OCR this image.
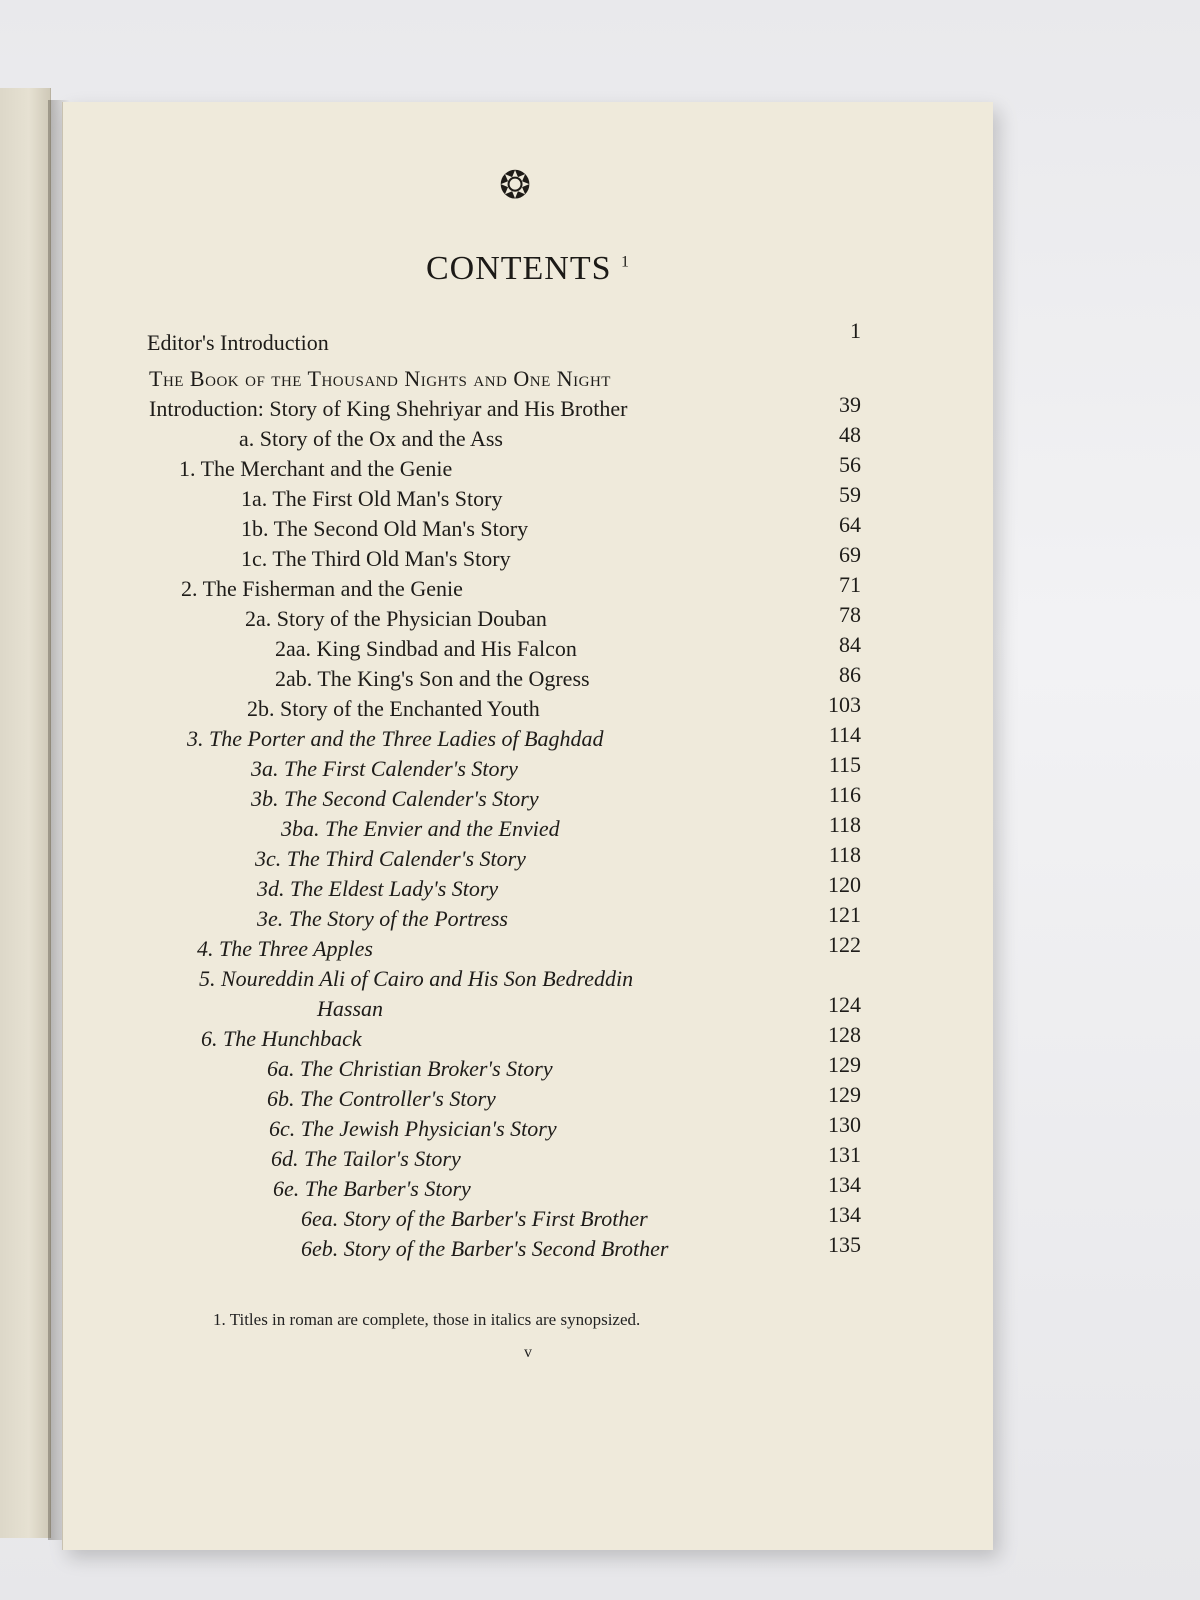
❂
CONTENTS $^1$
Editor's Introduction	1
The Book of the Thousand Nights and One Night
Introduction: Story of King Shehriyar and His Brother	39
a. Story of the Ox and the Ass	48
1. The Merchant and the Genie	56
1a. The First Old Man's Story	59
1b. The Second Old Man's Story	64
1c. The Third Old Man's Story	69
2. The Fisherman and the Genie	71
2a. Story of the Physician Douban	78
2aa. King Sindbad and His Falcon	84
2ab. The King's Son and the Ogress	86
2b. Story of the Enchanted Youth	103
3. The Porter and the Three Ladies of Baghdad	114
3a. The First Calender's Story	115
3b. The Second Calender's Story	116
3ba. The Envier and the Envied	118
3c. The Third Calender's Story	118
3d. The Eldest Lady's Story	120
3e. The Story of the Portress	121
4. The Three Apples	122
5. Noureddin Ali of Cairo and His Son Bedreddin
Hassan	124
6. The Hunchback	128
6a. The Christian Broker's Story	129
6b. The Controller's Story	129
6c. The Jewish Physician's Story	130
6d. The Tailor's Story	131
6e. The Barber's Story	134
6ea. Story of the Barber's First Brother	134
6eb. Story of the Barber's Second Brother	135
1. Titles in roman are complete, those in italics are synopsized.
v
